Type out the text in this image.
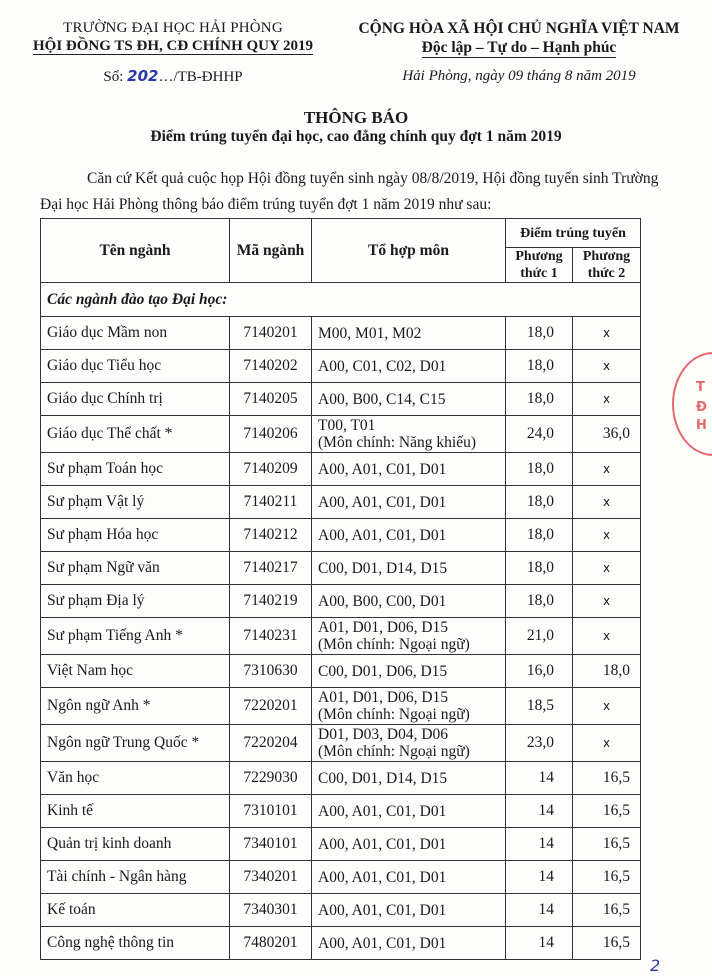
TRƯỜNG ĐẠI HỌC HẢI PHÒNG
HỘI ĐỒNG TS ĐH, CĐ CHÍNH QUY 2019
Số: 202…/TB-ĐHHP
CỘNG HÒA XÃ HỘI CHỦ NGHĨA VIỆT NAM
Độc lập – Tự do – Hạnh phúc
Hải Phòng, ngày 09 tháng 8 năm 2019
THÔNG BÁO
Điểm trúng tuyển đại học, cao đẳng chính quy đợt 1 năm 2019
Căn cứ Kết quả cuộc họp Hội đồng tuyển sinh ngày 08/8/2019, Hội đồng tuyển sinh Trường Đại học Hải Phòng thông báo điểm trúng tuyển đợt 1 năm 2019 như sau:
Tên ngành	Mã ngành	Tổ hợp môn	Điểm trúng tuyển	
			Phương thức 1	Phương thức 2
Các ngành đào tạo Đại học:				
Giáo dục Mầm non	7140201	M00, M01, M02	18,0	x
Giáo dục Tiểu học	7140202	A00, C01, C02, D01	18,0	x
Giáo dục Chính trị	7140205	A00, B00, C14, C15	18,0	x
Giáo dục Thể chất *	7140206	T00, T01
(Môn chính: Năng khiếu)	24,0	36,0
Sư phạm Toán học	7140209	A00, A01, C01, D01	18,0	x
Sư phạm Vật lý	7140211	A00, A01, C01, D01	18,0	x
Sư phạm Hóa học	7140212	A00, A01, C01, D01	18,0	x
Sư phạm Ngữ văn	7140217	C00, D01, D14, D15	18,0	x
Sư phạm Địa lý	7140219	A00, B00, C00, D01	18,0	x
Sư phạm Tiếng Anh *	7140231	A01, D01, D06, D15
(Môn chính: Ngoại ngữ)	21,0	x
Việt Nam học	7310630	C00, D01, D06, D15	16,0	18,0
Ngôn ngữ Anh *	7220201	A01, D01, D06, D15
(Môn chính: Ngoại ngữ)	18,5	x
Ngôn ngữ Trung Quốc *	7220204	D01, D03, D04, D06
(Môn chính: Ngoại ngữ)	23,0	x
Văn học	7229030	C00, D01, D14, D15	14	16,5
Kinh tế	7310101	A00, A01, C01, D01	14	16,5
Quản trị kinh doanh	7340101	A00, A01, C01, D01	14	16,5
Tài chính - Ngân hàng	7340201	A00, A01, C01, D01	14	16,5
Kế toán	7340301	A00, A01, C01, D01	14	16,5
Công nghệ thông tin	7480201	A00, A01, C01, D01	14	16,5
T
Đ
H
2
